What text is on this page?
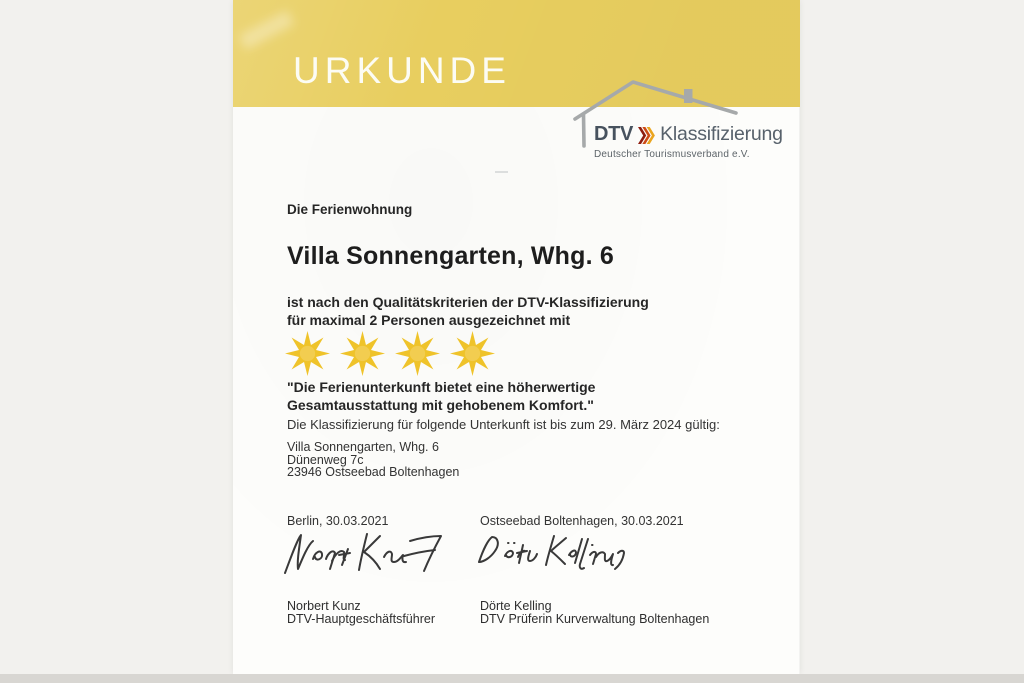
URKUNDE
DTV Klassifizierung
Deutscher Tourismusverband e.V.
Die Ferienwohnung
Villa Sonnengarten, Whg. 6
ist nach den Qualitätskriterien der DTV-Klassifizierung
für maximal 2 Personen ausgezeichnet mit
"Die Ferienunterkunft bietet eine höherwertige
Gesamtausstattung mit gehobenem Komfort."
Die Klassifizierung für folgende Unterkunft ist bis zum 29. März 2024 gültig:
Villa Sonnengarten, Whg. 6
Dünenweg 7c
23946 Ostseebad Boltenhagen
Berlin, 30.03.2021	Ostseebad Boltenhagen, 30.03.2021
Norbert Kunz
DTV-Hauptgeschäftsführer
Dörte Kelling
DTV Prüferin Kurverwaltung Boltenhagen
